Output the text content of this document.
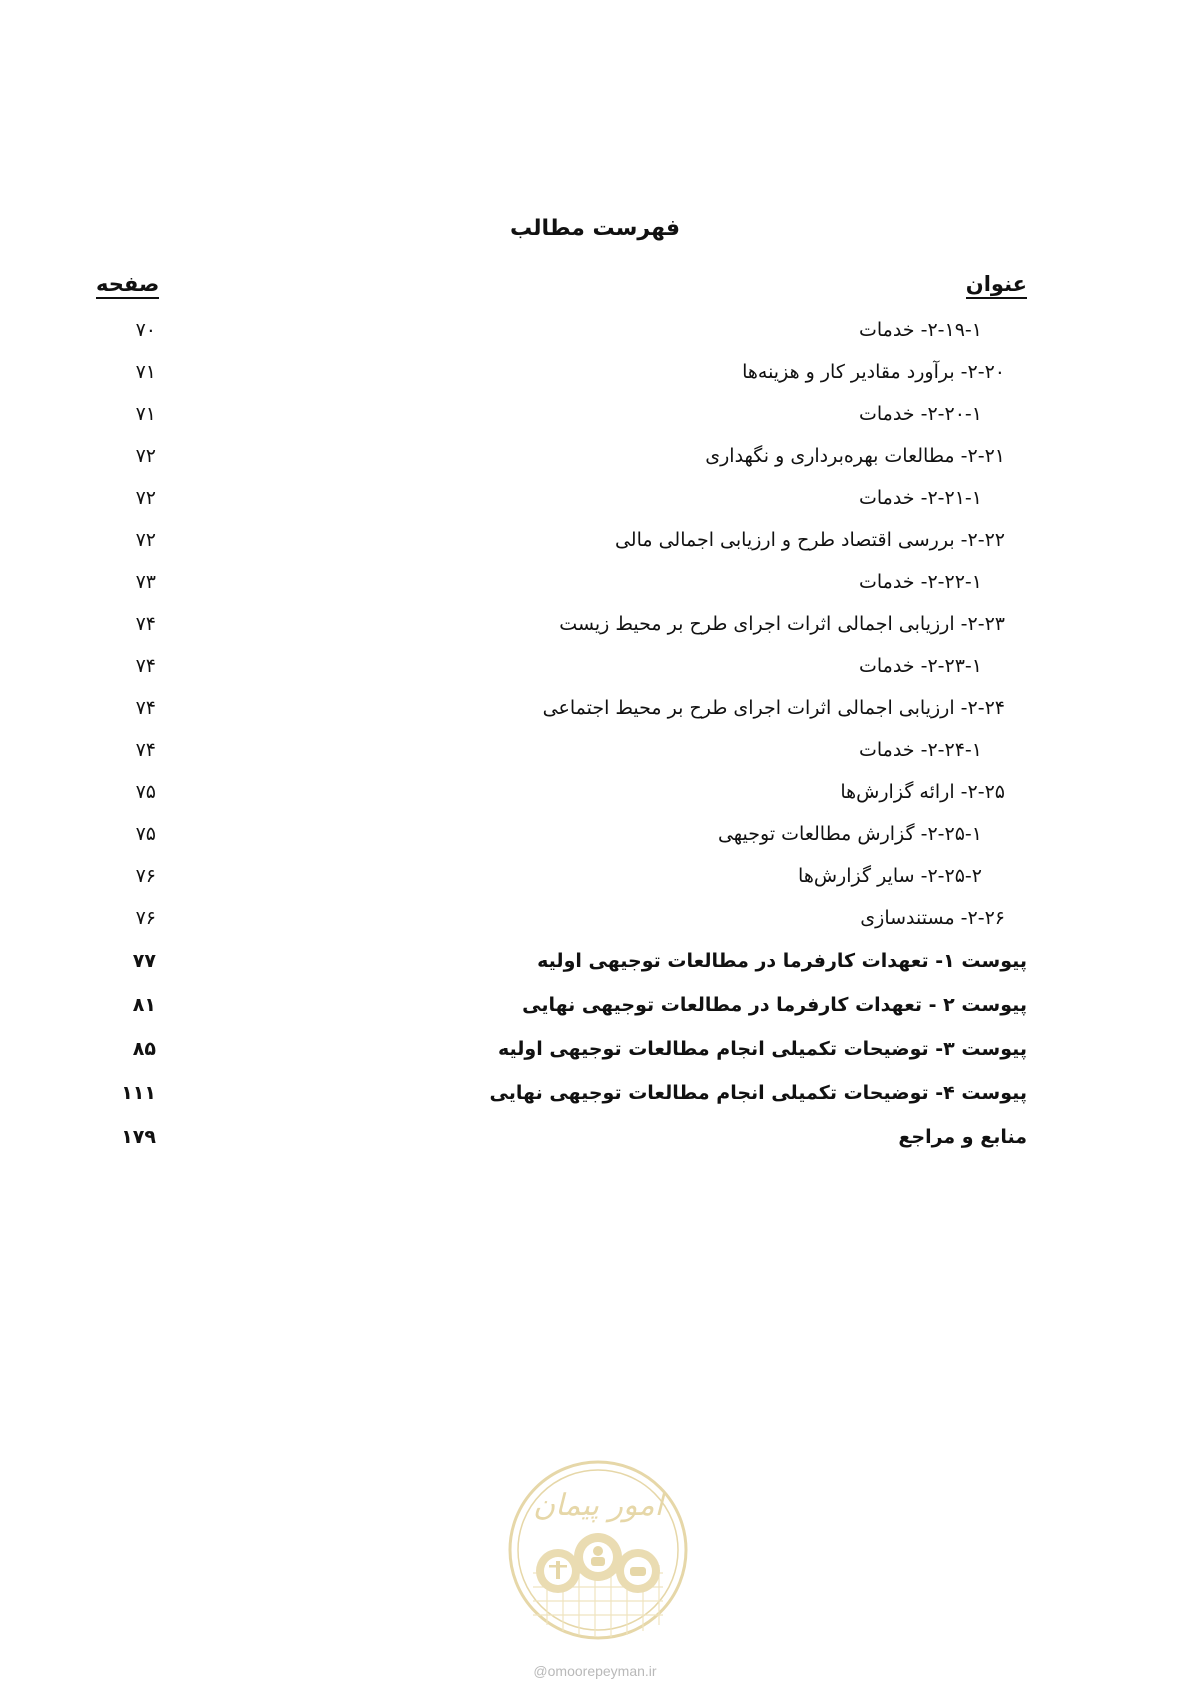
فهرست مطالب
عنوان
صفحه
۲-۱۹-۱- خدمات
۷۰
۲-۲۰- برآورد مقادیر کار و هزینه‌ها
۷۱
۲-۲۰-۱- خدمات
۷۱
۲-۲۱- مطالعات بهره‌برداری و نگهداری
۷۲
۲-۲۱-۱- خدمات
۷۲
۲-۲۲- بررسی اقتصاد طرح و ارزیابی اجمالی مالی
۷۲
۲-۲۲-۱- خدمات
۷۳
۲-۲۳- ارزیابی اجمالی اثرات اجرای طرح بر محیط زیست
۷۴
۲-۲۳-۱- خدمات
۷۴
۲-۲۴- ارزیابی اجمالی اثرات اجرای طرح بر محیط اجتماعی
۷۴
۲-۲۴-۱- خدمات
۷۴
۲-۲۵- ارائه گزارش‌ها
۷۵
۲-۲۵-۱- گزارش مطالعات توجیهی
۷۵
۲-۲۵-۲- سایر گزارش‌ها
۷۶
۲-۲۶- مستندسازی
۷۶
پیوست ۱- تعهدات کارفرما در مطالعات توجیهی اولیه
۷۷
پیوست ۲ - تعهدات کارفرما در مطالعات توجیهی نهایی
۸۱
پیوست ۳- توضیحات تکمیلی انجام مطالعات توجیهی اولیه
۸۵
پیوست ۴- توضیحات تکمیلی انجام مطالعات توجیهی نهایی
۱۱۱
منابع و مراجع
۱۷۹
امور پیمان
@omoorepeyman.ir
